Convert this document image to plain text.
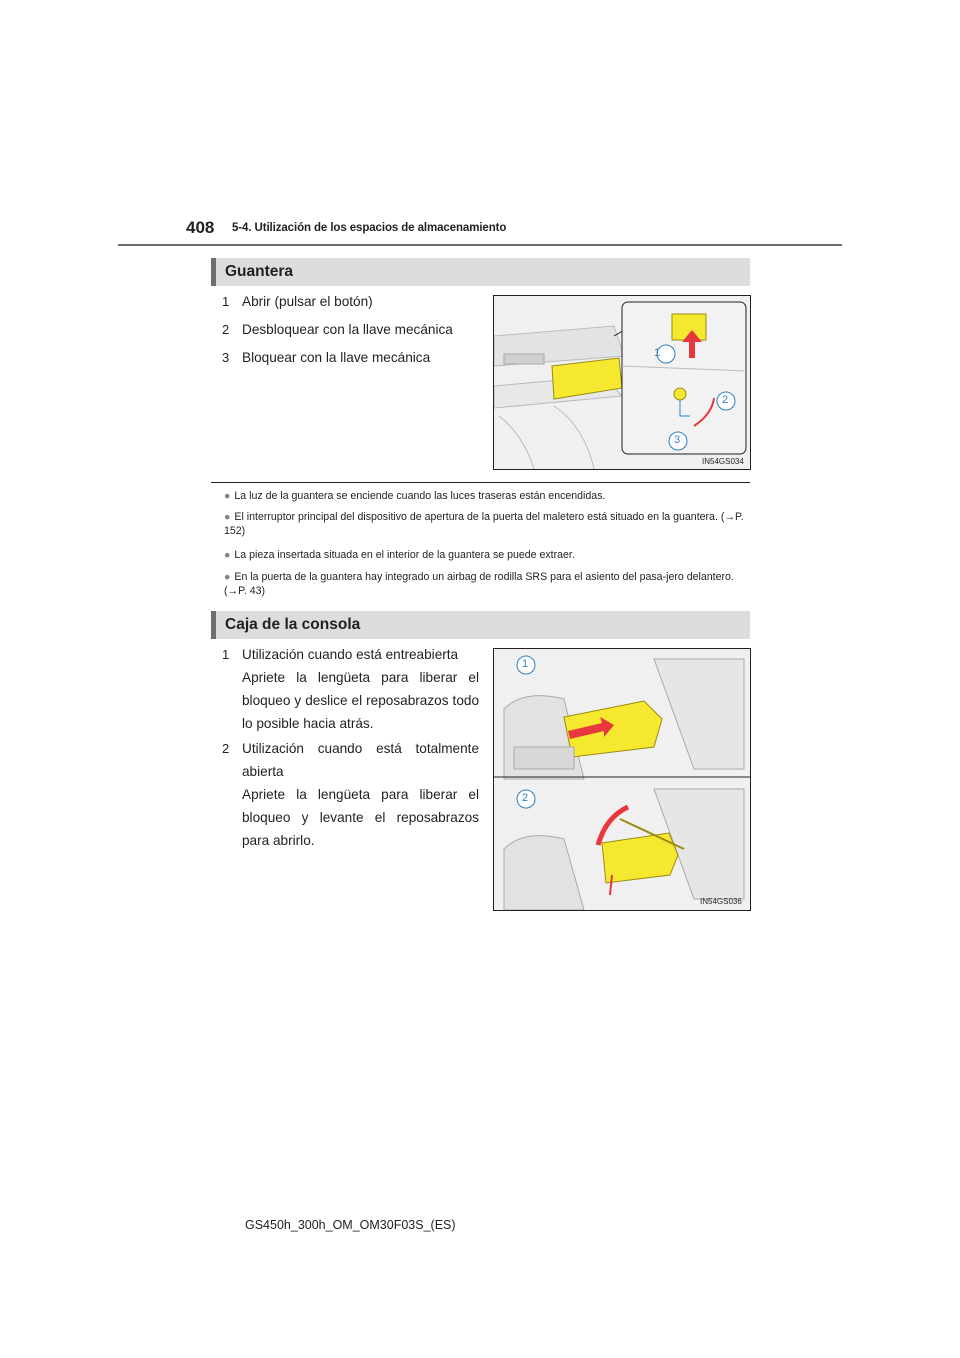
408 5-4. Utilización de los espacios de almacenamiento
Guantera
1 Abrir (pulsar el botón)
2 Desbloquear con la llave mecánica
3 Bloquear con la llave mecánica	1
2
3
IN54GS034
● La luz de la guantera se enciende cuando las luces traseras están encendidas.
● El interruptor principal del dispositivo de apertura de la puerta del maletero está situado en la guantera. (→P. 152)
● La pieza insertada situada en el interior de la guantera se puede extraer.
● En la puerta de la guantera hay integrado un airbag de rodilla SRS para el asiento del pasa-jero delantero. (→P. 43)
Caja de la consola
1 Utilización cuando está entreabierta
Apriete la lengüeta para liberar el bloqueo y deslice el reposabrazos todo lo posible hacia atrás.
2 Utilización cuando está totalmente abierta
Apriete la lengüeta para liberar el bloqueo y levante el reposabrazos para abrirlo.
1
2
IN54GS036
GS450h_300h_OM_OM30F03S_(ES)
